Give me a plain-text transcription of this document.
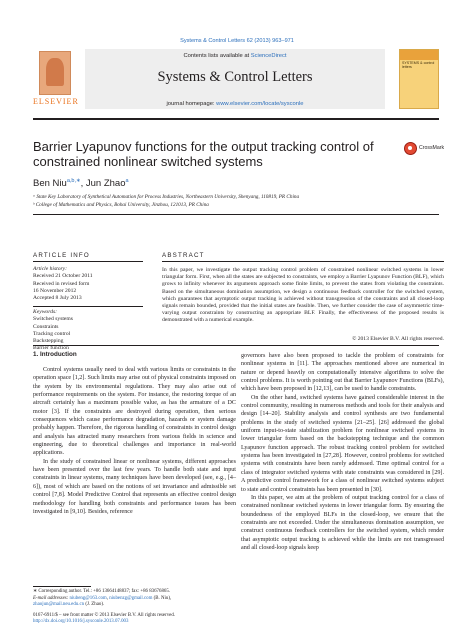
Systems & Control Letters 62 (2013) 963–971
ELSEVIER
Contents lists available at ScienceDirect
Systems & Control Letters
journal homepage: www.elsevier.com/locate/sysconle
SYSTEMS & control letters
Barrier Lyapunov functions for the output tracking control of constrained nonlinear switched systems
CrossMark
Ben Niu$^{a,b,∗}$, Jun Zhao$^a$
ᵃ State Key Laboratory of Synthetical Automation for Process Industries, Northeastern University, Shenyang, 110819, PR China
ᵇ College of Mathematics and Physics, Bohai University, Jinzhou, 121013, PR China
ARTICLE INFO	ABSTRACT
Article history:
Received 21 October 2011
Received in revised form
16 November 2012
Accepted 8 July 2013
Keywords:
Switched systems
Constraints
Tracking control
Backstepping
Barrier function
In this paper, we investigate the output tracking control problem of constrained nonlinear switched systems in lower triangular form. First, when all the states are subjected to constraints, we employ a Barrier Lyapunov Function (BLF), which grows to infinity whenever its arguments approach some finite limits, to prevent the states from violating the constraints. Based on the simultaneous domination assumption, we design a continuous feedback controller for the switched system, which guarantees that asymptotic output tracking is achieved without transgression of the constraints and all closed-loop signals remain bounded, provided that the initial states are feasible. Then, we further consider the case of asymmetric time-varying output constraints by constructing an appropriate BLF. Finally, the effectiveness of the proposed results is demonstrated with a numerical example.
© 2013 Elsevier B.V. All rights reserved.
1. Introduction

Control systems usually need to deal with various limits or constraints in the operation space [1,2]. Such limits may arise out of physical constraints imposed on the system by its environmental regulations. They may also arise out of performance requirements on the system. For instance, the restoring torque of an aircraft certainly has a maximum possible value, as has the armature of a DC motor [3]. If the constraints are destroyed during operation, then serious consequences which cause performance degradation, hazards or system damage probably happen. Therefore, the rigorous handling of constraints in control design and analysis has attracted many researchers from various fields in science and engineering, due to theoretical challenges and importance in real-world applications.

In the study of constrained linear or nonlinear systems, different approaches have been presented over the last few years. To handle both state and input constraints in linear systems, many techniques have been developed (see, e.g., [4–6]), most of which are based on the notions of set invariance and admissible set control [7,8]. Model Predictive Control that represents an effective control design methodology for handling both constraints and performance issues has been investigated in [9,10]. Besides, reference

governors have also been proposed to tackle the problem of constraints for nonlinear systems in [11]. The approaches mentioned above are numerical in nature or depend heavily on computationally intensive algorithms to solve the control problems. It is worth pointing out that Barrier Lyapunov Functions (BLFs), which have been proposed in [12,13], can be used to handle constraints.

On the other hand, switched systems have gained considerable interest in the control community, resulting in numerous methods and tools for their analysis and design [14–20]. Stability analysis and control synthesis are two fundamental problems in the study of switched systems [21–25]. [26] addressed the global uniform input-to-state stabilization problem for nonlinear switched systems in lower triangular form based on the backstepping technique and the common Lyapunov function approach. The robust tracking control problem for switched systems has been investigated in [27,28]. However, control problems for switched systems with constraints have been rarely addressed. Time optimal control for a class of integrator switched systems with state constraints was considered in [29]. A predictive control framework for a class of nonlinear switched systems subject to state and control constraints has been presented in [30].

In this paper, we aim at the problem of output tracking control for a class of constrained nonlinear switched systems in lower triangular form. By ensuring the boundedness of the employed BLFs in the closed-loop, we ensure that the constraints are not exceeded. Under the simultaneous domination assumption, we construct continuous feedback controllers for the switched system, which render that asymptotic output tracking is achieved while the limits are not transgressed and all closed-loop signals keep

∗ Corresponding author. Tel.: +86 13664148837; fax: +86 83676865.
E-mail addresses: niubeng@163.com, niubenzg@gmail.com (B. Niu),
zhaojun@mail.neu.edu.cn (J. Zhao).
0167-6911/$ – see front matter © 2013 Elsevier B.V. All rights reserved.
http://dx.doi.org/10.1016/j.sysconle.2013.07.003
